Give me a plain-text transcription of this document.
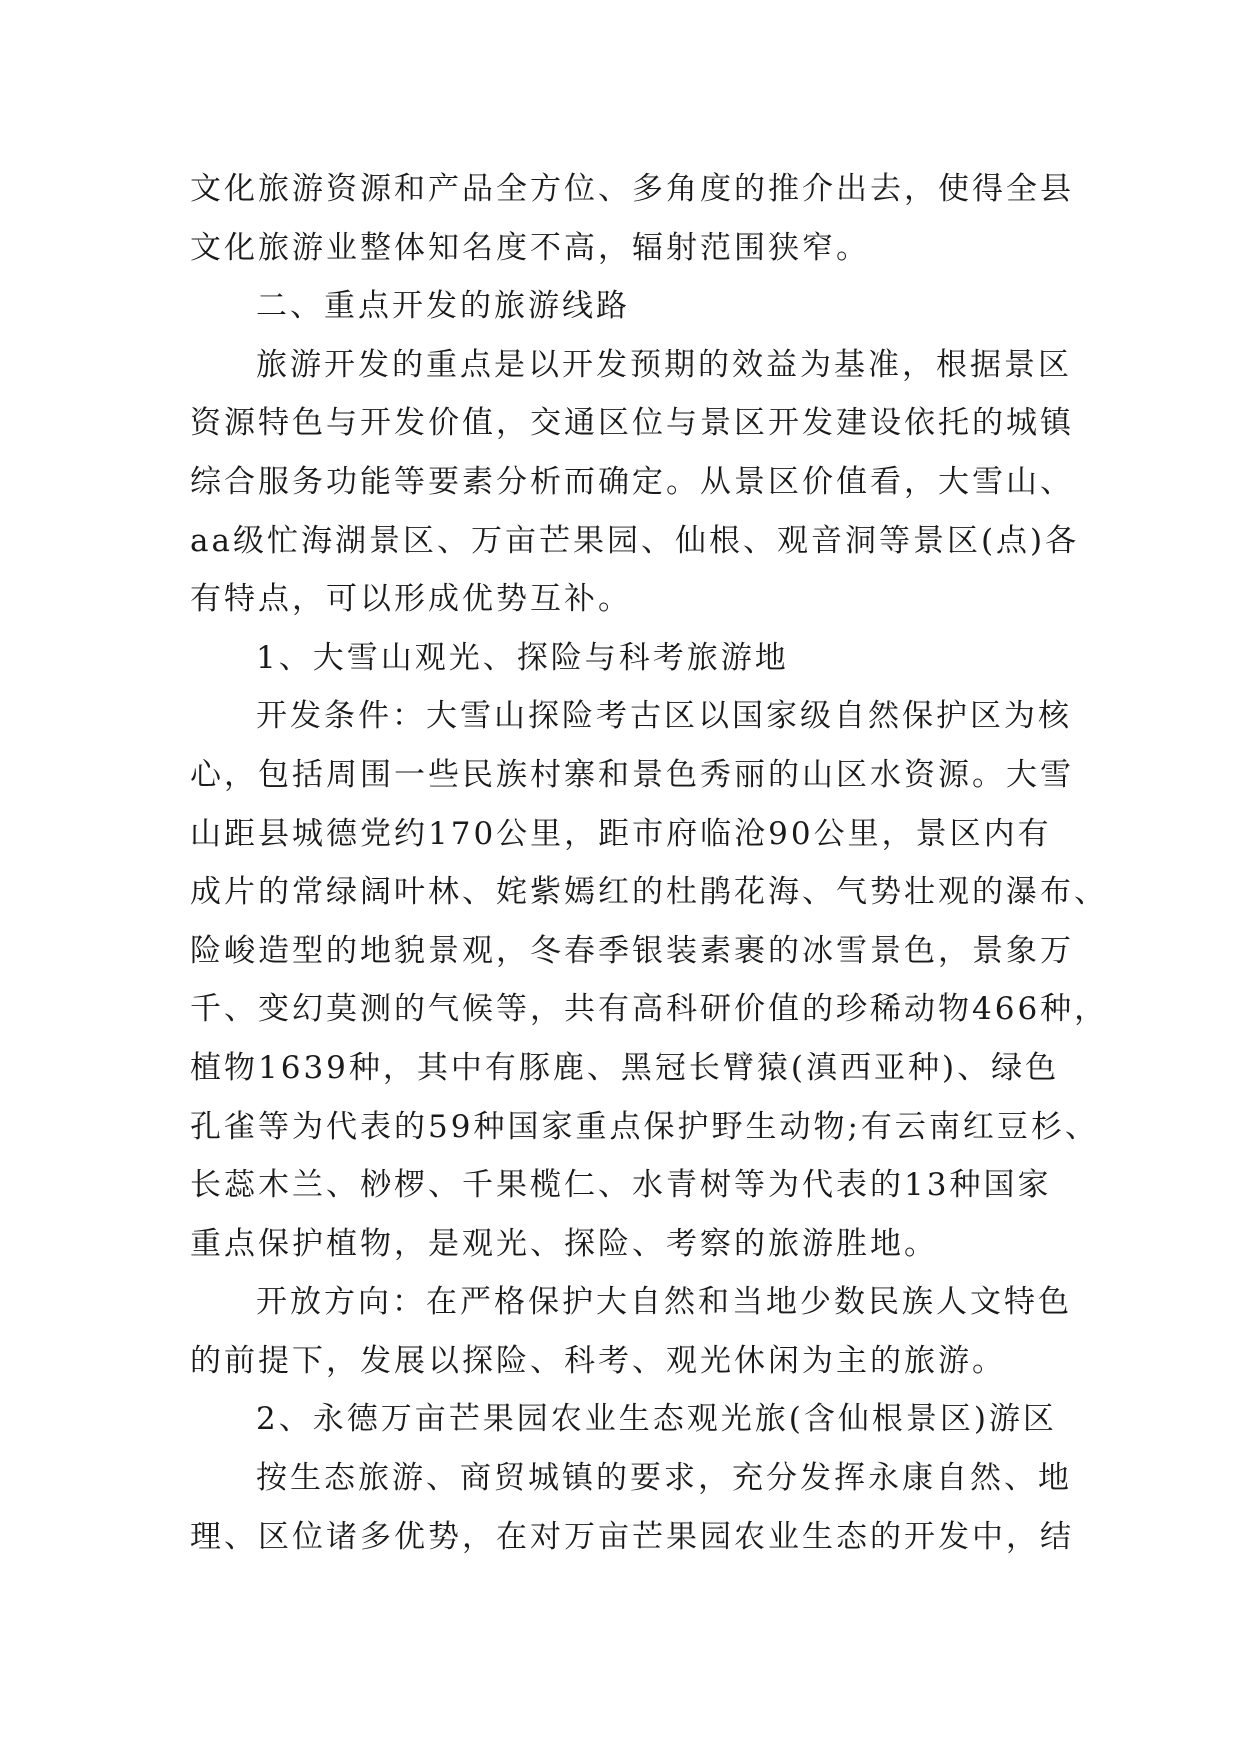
文化旅游资源和产品全方位、多角度的推介出去，使得全县
文化旅游业整体知名度不高，辐射范围狭窄。
二、重点开发的旅游线路
旅游开发的重点是以开发预期的效益为基准，根据景区
资源特色与开发价值，交通区位与景区开发建设依托的城镇
综合服务功能等要素分析而确定。从景区价值看，大雪山、
aa级忙海湖景区、万亩芒果园、仙根、观音洞等景区(点)各
有特点，可以形成优势互补。
1、大雪山观光、探险与科考旅游地
开发条件：大雪山探险考古区以国家级自然保护区为核
心，包括周围一些民族村寨和景色秀丽的山区水资源。大雪
山距县城德党约170公里，距市府临沧90公里，景区内有
成片的常绿阔叶林、姹紫嫣红的杜鹃花海、气势壮观的瀑布、
险峻造型的地貌景观，冬春季银装素裹的冰雪景色，景象万
千、变幻莫测的气候等，共有高科研价值的珍稀动物466种，
植物1639种，其中有豚鹿、黑冠长臂猿(滇西亚种)、绿色
孔雀等为代表的59种国家重点保护野生动物;有云南红豆杉、
长蕊木兰、桫椤、千果榄仁、水青树等为代表的13种国家
重点保护植物，是观光、探险、考察的旅游胜地。
开放方向：在严格保护大自然和当地少数民族人文特色
的前提下，发展以探险、科考、观光休闲为主的旅游。
2、永德万亩芒果园农业生态观光旅(含仙根景区)游区
按生态旅游、商贸城镇的要求，充分发挥永康自然、地
理、区位诸多优势，在对万亩芒果园农业生态的开发中，结
